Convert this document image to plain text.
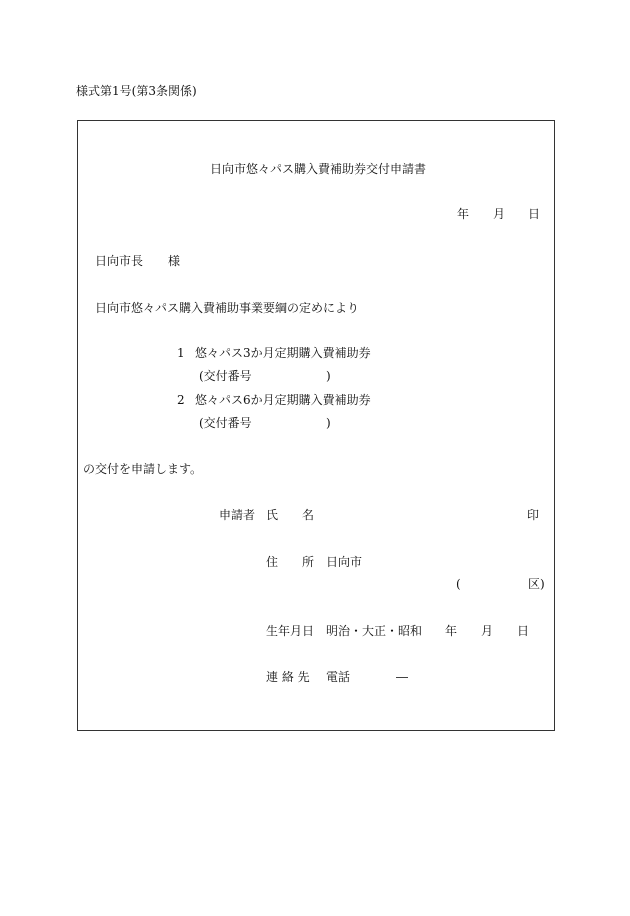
様式第1号(第3条関係)
日向市悠々パス購入費補助券交付申請書
年 月 日
日向市長 様
日向市悠々パス購入費補助事業要綱の定めにより
1 悠々パス3か月定期購入費補助券
(交付番号	)
2 悠々パス6か月定期購入費補助券
(交付番号	)
の交付を申請します。
申請者 氏 名	印
住 所 日向市
(	区)
生年月日 明治・大正・昭和 年 月 日
連 絡 先 電話	―
